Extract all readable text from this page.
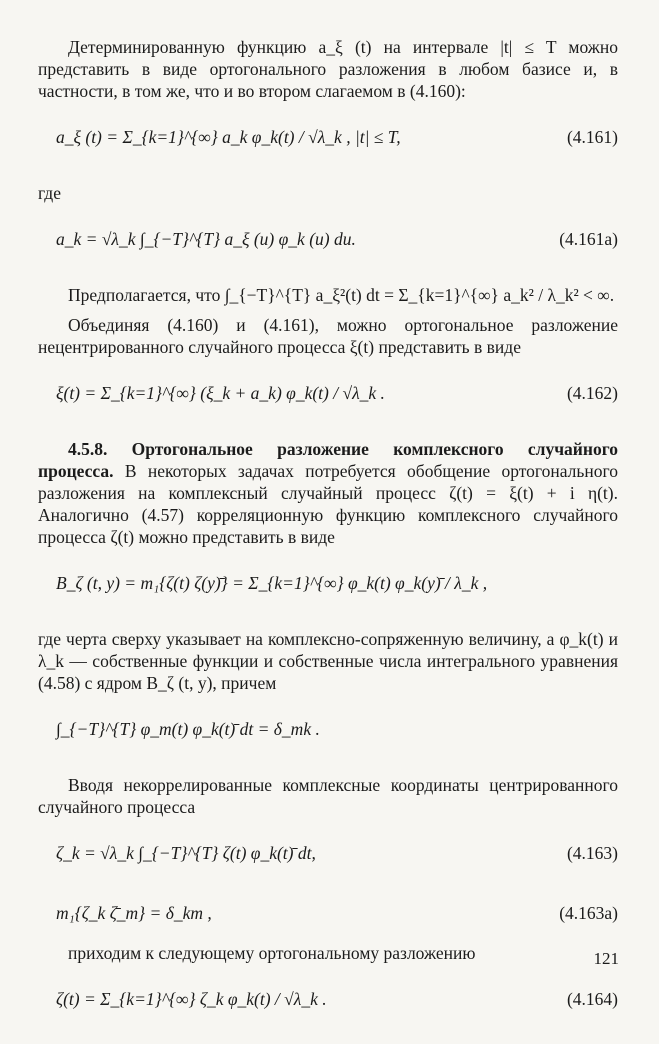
Детерминированную функцию a_ξ (t) на интервале |t| ≤ T можно представить в виде ортогонального разложения в любом базисе и, в частности, в том же, что и во втором слагаемом в (4.160):

a_ξ (t) = Σ_{k=1}^{∞} a_k φ_k(t) / √λ_k , |t| ≤ T,	(4.161)

где

a_k = √λ_k ∫_{−T}^{T} a_ξ (u) φ_k (u) du.	(4.161a)

Предполагается, что ∫_{−T}^{T} a_ξ²(t) dt = Σ_{k=1}^{∞} a_k² / λ_k² < ∞.

Объединяя (4.160) и (4.161), можно ортогональное разложение нецентрированного случайного процесса ξ(t) представить в виде

ξ(t) = Σ_{k=1}^{∞} (ξ_k + a_k) φ_k(t) / √λ_k .	(4.162)

4.5.8. Ортогональное разложение комплексного случайного процесса. В некоторых задачах потребуется обобщение ортогонального разложения на комплексный случайный процесс ζ(t) = ξ(t) + i η(t). Аналогично (4.57) корреляционную функцию комплексного случайного процесса ζ(t) можно представить в виде

B_ζ (t, y) = m₁{ζ(t) ζ(y)̄} = Σ_{k=1}^{∞} φ_k(t) φ_k(y)̄ / λ_k ,

где черта сверху указывает на комплексно-сопряженную величину, а φ_k(t) и λ_k — собственные функции и собственные числа интегрального уравнения (4.58) с ядром B_ζ (t, y), причем

∫_{−T}^{T} φ_m(t) φ_k(t)̄ dt = δ_mk .

Вводя некоррелированные комплексные координаты центрированного случайного процесса

ζ_k = √λ_k ∫_{−T}^{T} ζ(t) φ_k(t)̄ dt,	(4.163)
m₁{ζ_k ζ̄_m} = δ_km ,	(4.163a)

приходим к следующему ортогональному разложению

ζ(t) = Σ_{k=1}^{∞} ζ_k φ_k(t) / √λ_k .	(4.164)
121
